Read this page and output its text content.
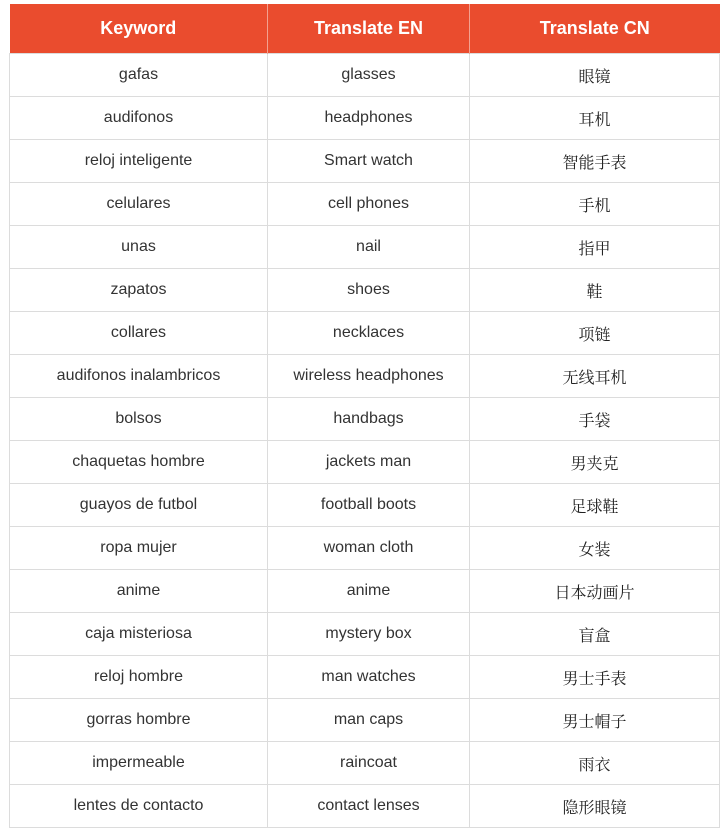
Keyword	Translate EN	Translate CN
gafas	glasses	眼镜
audifonos	headphones	耳机
reloj inteligente	Smart watch	智能手表
celulares	cell phones	手机
unas	nail	指甲
zapatos	shoes	鞋
collares	necklaces	项链
audifonos inalambricos	wireless headphones	无线耳机
bolsos	handbags	手袋
chaquetas hombre	jackets man	男夹克
guayos de futbol	football boots	足球鞋
ropa mujer	woman cloth	女装
anime	anime	日本动画片
caja misteriosa	mystery box	盲盒
reloj hombre	man watches	男士手表
gorras hombre	man caps	男士帽子
impermeable	raincoat	雨衣
lentes de contacto	contact lenses	隐形眼镜
